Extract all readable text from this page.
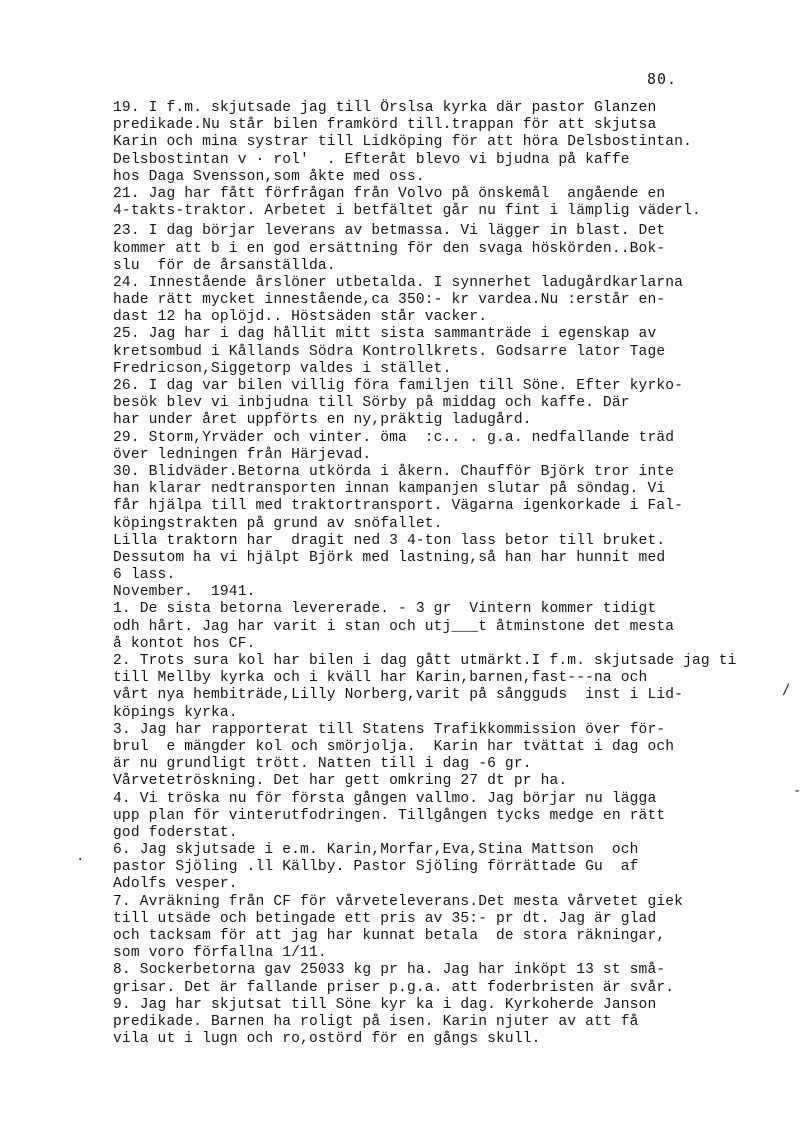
80.
19. I f.m. skjutsade jag till Örslsa kyrka där pastor Glanzen
predikade.Nu står bilen framkörd till.trappan för att skjutsa
Karin och mina systrar till Lidköping för att höra Delsbostintan.
Delsbostintan v · rol'  . Efteråt blevo vi bjudna på kaffe
hos Daga Svensson,som åkte med oss.
21. Jag har fått förfrågan från Volvo på önskemål  angående en
4-takts-traktor. Arbetet i betfältet går nu fint i lämplig väderl.
23. I dag börjar leverans av betmassa. Vi lägger in blast. Det
kommer att b i en god ersättning för den svaga höskörden..Bok-
slu  för de årsanställda.
24. Innestående årslöner utbetalda. I synnerhet ladugårdkarlarna
hade rätt mycket innestående,ca 350:- kr vardea.Nu :erstår en-
dast 12 ha oplöjd.. Höstsäden står vacker.
25. Jag har i dag hållit mitt sista sammanträde i egenskap av
kretsombud i Kållands Södra Kontrollkrets. Godsarre lator Tage
Fredricson,Siggetorp valdes i stället.
26. I dag var bilen villig föra familjen till Söne. Efter kyrko-
besök blev vi inbjudna till Sörby på middag och kaffe. Där
har under året uppförts en ny,präktig ladugård.
29. Storm,Yrväder och vinter. öma  :c.. . g.a. nedfallande träd
över ledningen från Härjevad.
30. Blidväder.Betorna utkörda i åkern. Chaufför Björk tror inte
han klarar nedtransporten innan kampanjen slutar på söndag. Vi
får hjälpa till med traktortransport. Vägarna igenkorkade i Fal-
köpingstrakten på grund av snöfallet.
Lilla traktorn har  dragit ned 3 4-ton lass betor till bruket.
Dessutom ha vi hjälpt Björk med lastning,så han har hunnit med
6 lass.
November.  1941.
1. De sista betorna levererade. - 3 gr  Vintern kommer tidigt
odh hårt. Jag har varit i stan och utj___t åtminstone det mesta
å kontot hos CF.
2. Trots sura kol har bilen i dag gått utmärkt.I f.m. skjutsade jag ti
till Mellby kyrka och i kväll har Karin,barnen,fast---na och
vårt nya hembiträde,Lilly Norberg,varit på sångguds  inst i Lid-
köpings kyrka.
3. Jag har rapporterat till Statens Trafikkommission över för-
brul  e mängder kol och smörjolja.  Karin har tvättat i dag och
är nu grundligt trött. Natten till i dag -6 gr.
Vårvetetröskning. Det har gett omkring 27 dt pr ha.
4. Vi tröska nu för första gången vallmo. Jag börjar nu lägga
upp plan för vinterutfodringen. Tillgången tycks medge en rätt
god foderstat.
6. Jag skjutsade i e.m. Karin,Morfar,Eva,Stina Mattson  och
pastor Sjöling .ll Källby. Pastor Sjöling förrättade Gu  af
Adolfs vesper.
7. Avräkning från CF för vårveteleverans.Det mesta vårvetet giek
till utsäde och betingade ett pris av 35:- pr dt. Jag är glad
och tacksam för att jag har kunnat betala  de stora räkningar,
som voro förfallna 1/11.
8. Sockerbetorna gav 25033 kg pr ha. Jag har inköpt 13 st små-
grisar. Det är fallande priser p.g.a. att foderbristen är svår.
9. Jag har skjutsat till Söne kyr ka i dag. Kyrkoherde Janson
predikade. Barnen ha roligt på isen. Karin njuter av att få
vila ut i lugn och ro,ostörd för en gångs skull.
/
-
·
